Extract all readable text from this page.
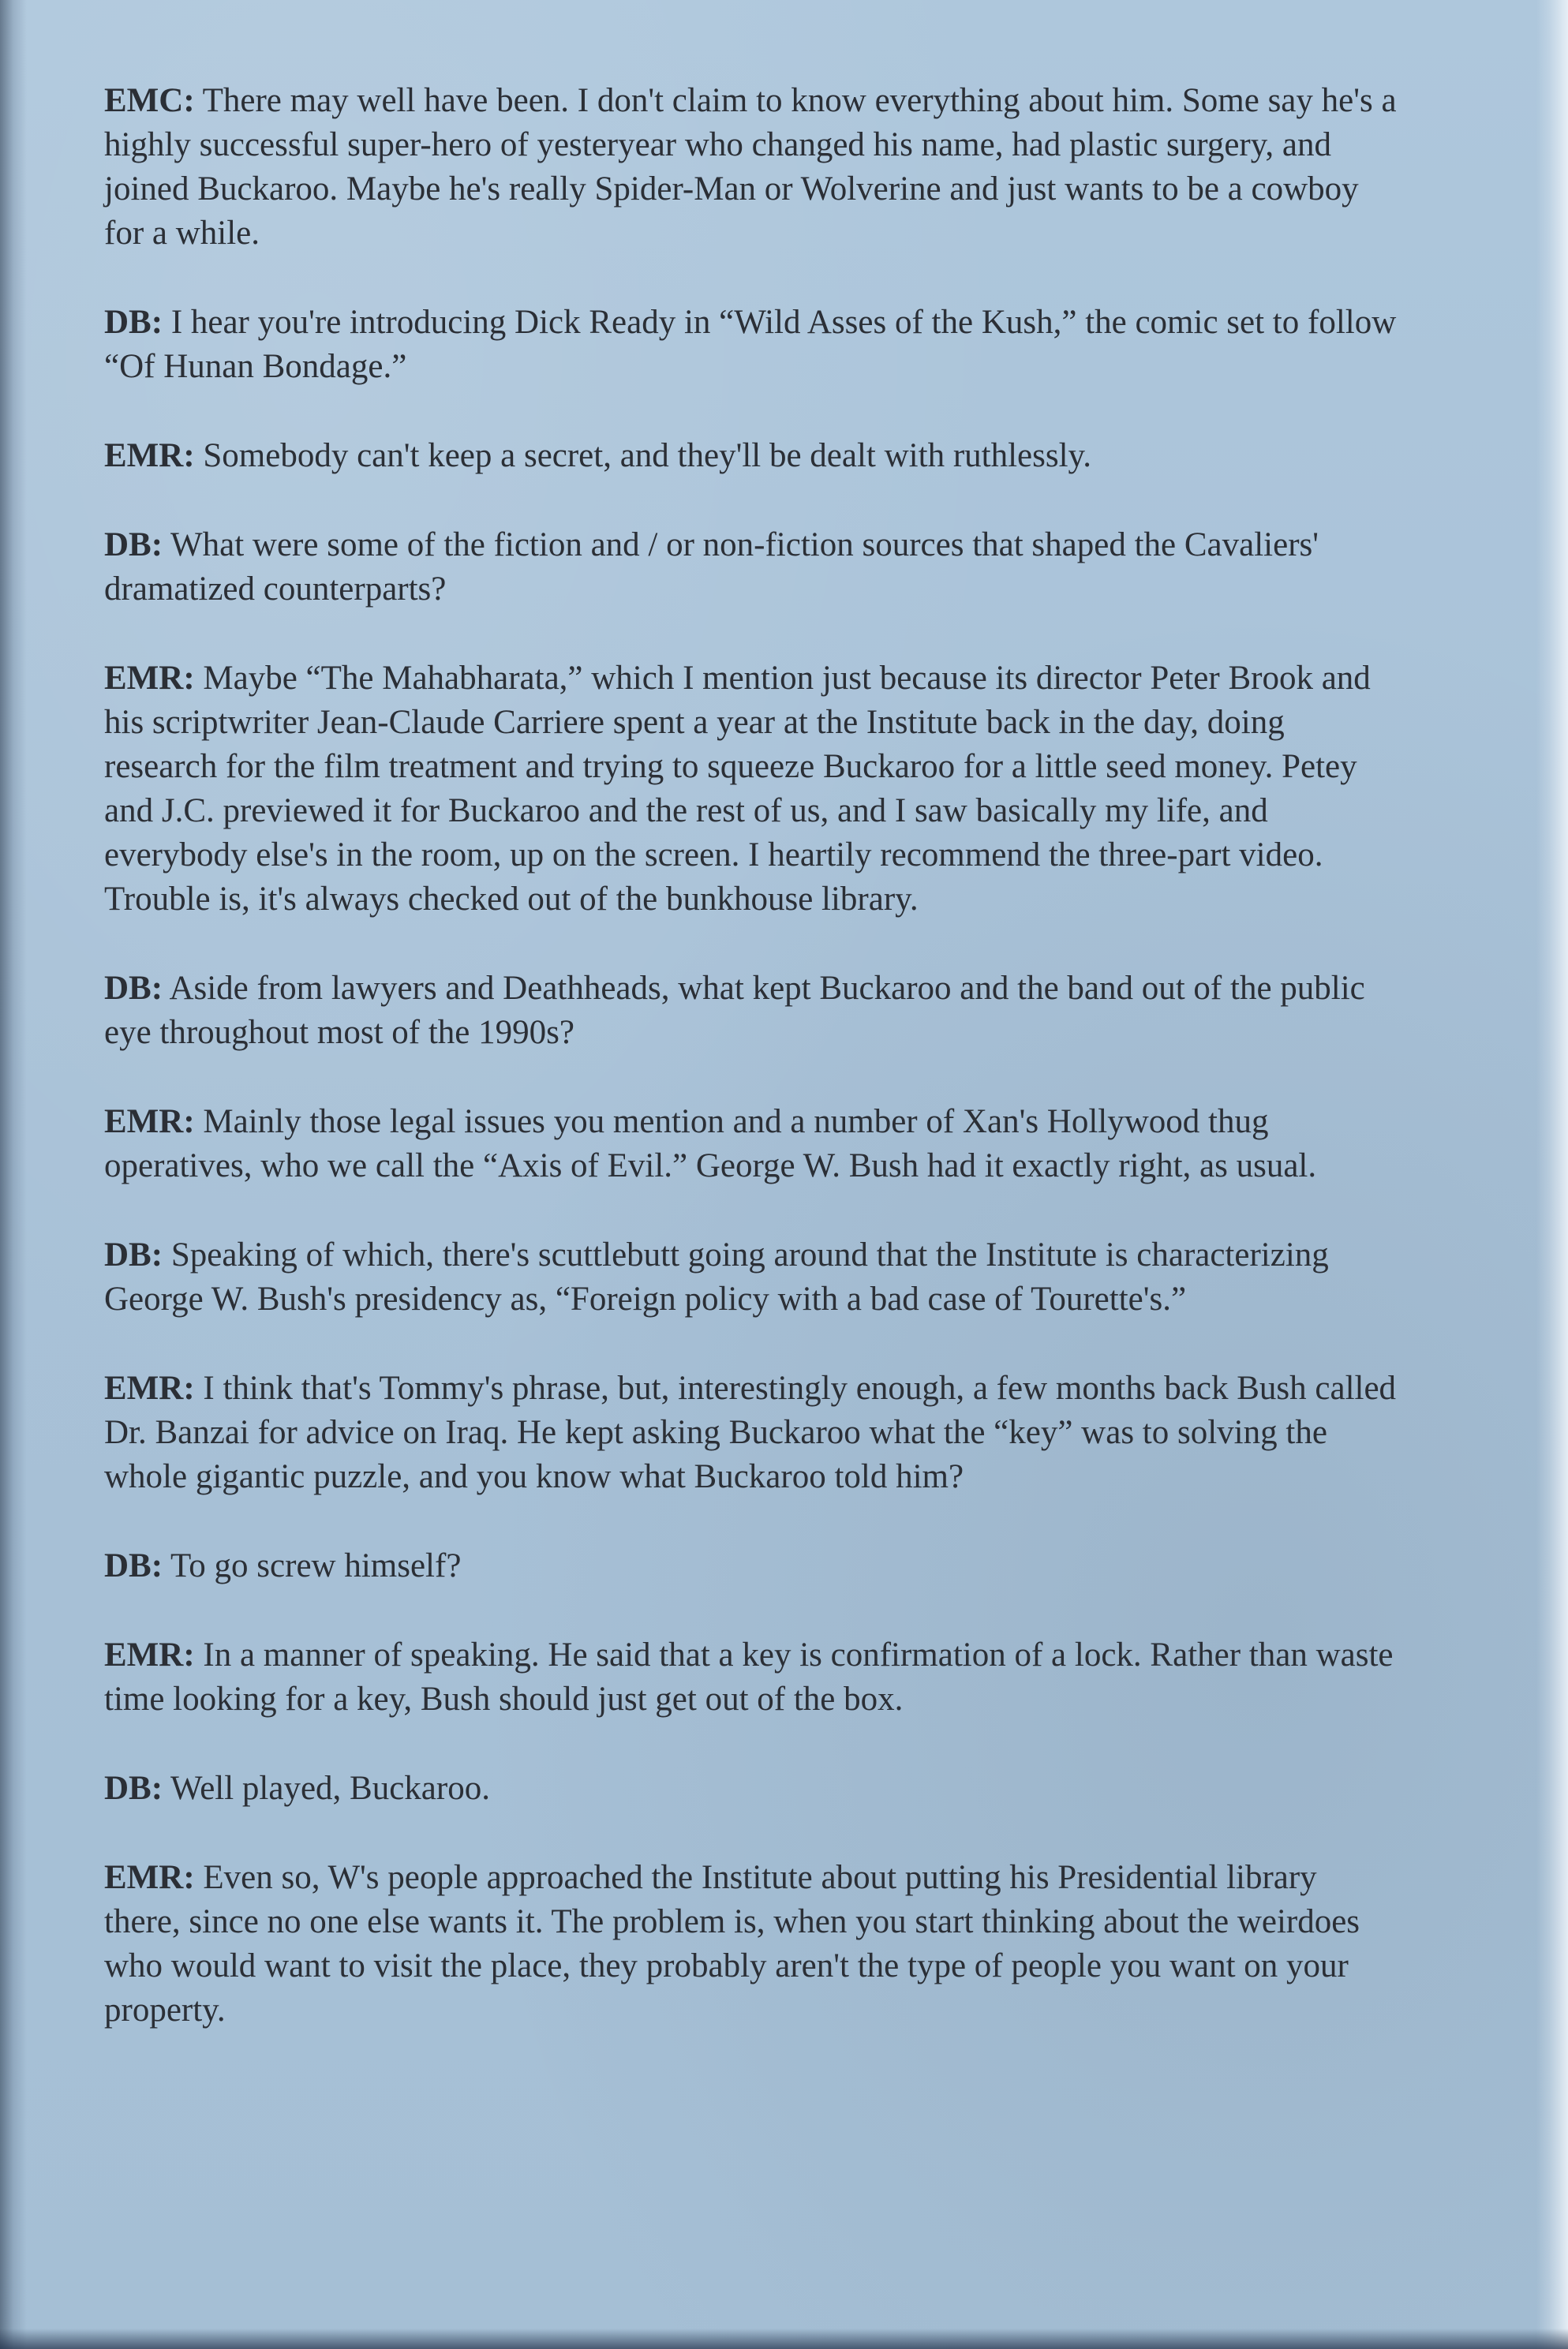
EMC: There may well have been. I don't claim to know everything about him. Some say he's a highly successful super-hero of yesteryear who changed his name, had plastic surgery, and joined Buckaroo. Maybe he's really Spider-Man or Wolverine and just wants to be a cowboy for a while.

DB: I hear you're introducing Dick Ready in “Wild Asses of the Kush,” the comic set to follow “Of Hunan Bondage.”

EMR: Somebody can't keep a secret, and they'll be dealt with ruthlessly.

DB: What were some of the fiction and / or non-fiction sources that shaped the Cavaliers' dramatized counterparts?

EMR: Maybe “The Mahabharata,” which I mention just because its director Peter Brook and his scriptwriter Jean-Claude Carriere spent a year at the Institute back in the day, doing research for the film treatment and trying to squeeze Buckaroo for a little seed money. Petey and J.C. previewed it for Buckaroo and the rest of us, and I saw basically my life, and everybody else's in the room, up on the screen. I heartily recommend the three-part video. Trouble is, it's always checked out of the bunkhouse library.

DB: Aside from lawyers and Deathheads, what kept Buckaroo and the band out of the public eye throughout most of the 1990s?

EMR: Mainly those legal issues you mention and a number of Xan's Hollywood thug operatives, who we call the “Axis of Evil.” George W. Bush had it exactly right, as usual.

DB: Speaking of which, there's scuttlebutt going around that the Institute is characterizing George W. Bush's presidency as, “Foreign policy with a bad case of Tourette's.”

EMR: I think that's Tommy's phrase, but, interestingly enough, a few months back Bush called Dr. Banzai for advice on Iraq. He kept asking Buckaroo what the “key” was to solving the whole gigantic puzzle, and you know what Buckaroo told him?

DB: To go screw himself?

EMR: In a manner of speaking. He said that a key is confirmation of a lock. Rather than waste time looking for a key, Bush should just get out of the box.

DB: Well played, Buckaroo.

EMR: Even so, W's people approached the Institute about putting his Presidential library there, since no one else wants it. The problem is, when you start thinking about the weirdoes who would want to visit the place, they probably aren't the type of people you want on your property.
